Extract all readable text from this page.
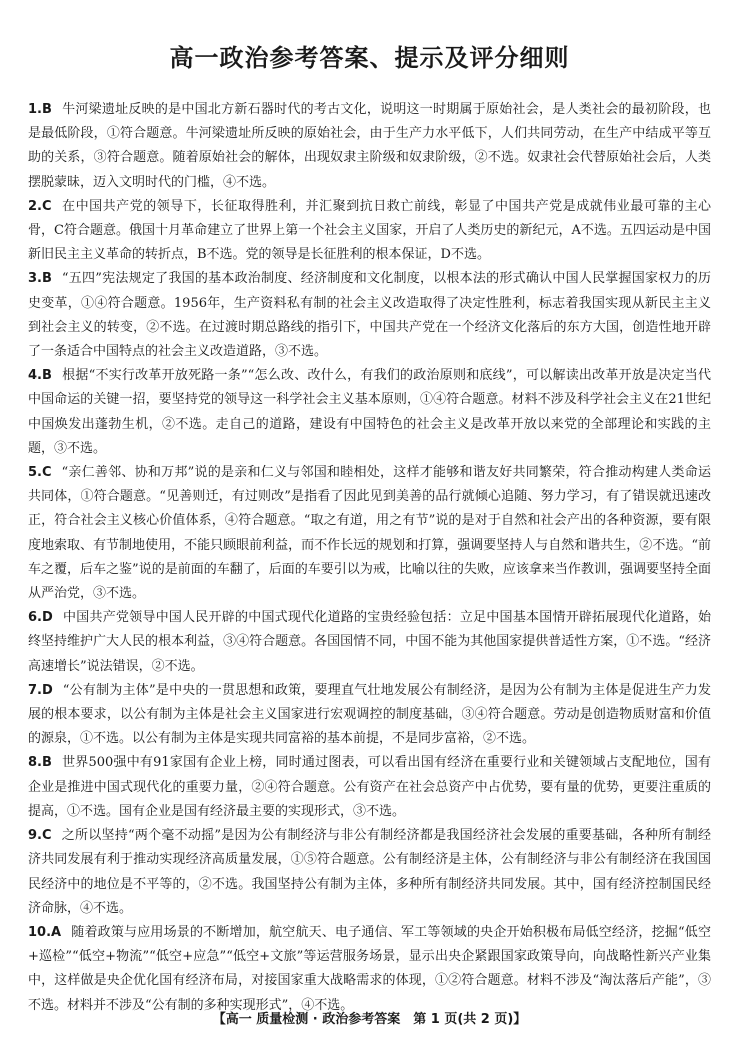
高一政治参考答案、提示及评分细则
1.B 牛河梁遗址反映的是中国北方新石器时代的考古文化，说明这一时期属于原始社会，是人类社会的最初阶段，也是最低阶段，①符合题意。牛河梁遗址所反映的原始社会，由于生产力水平低下，人们共同劳动，在生产中结成平等互助的关系，③符合题意。随着原始社会的解体，出现奴隶主阶级和奴隶阶级，②不选。奴隶社会代替原始社会后，人类摆脱蒙昧，迈入文明时代的门槛，④不选。
2.C 在中国共产党的领导下，长征取得胜利，并汇聚到抗日救亡前线，彰显了中国共产党是成就伟业最可靠的主心骨，C符合题意。俄国十月革命建立了世界上第一个社会主义国家，开启了人类历史的新纪元，A不选。五四运动是中国新旧民主主义革命的转折点，B不选。党的领导是长征胜利的根本保证，D不选。
3.B “五四”宪法规定了我国的基本政治制度、经济制度和文化制度，以根本法的形式确认中国人民掌握国家权力的历史变革，①④符合题意。1956年，生产资料私有制的社会主义改造取得了决定性胜利，标志着我国实现从新民主主义到社会主义的转变，②不选。在过渡时期总路线的指引下，中国共产党在一个经济文化落后的东方大国，创造性地开辟了一条适合中国特点的社会主义改造道路，③不选。
4.B 根据“不实行改革开放死路一条”“怎么改、改什么，有我们的政治原则和底线”，可以解读出改革开放是决定当代中国命运的关键一招，要坚持党的领导这一科学社会主义基本原则，①④符合题意。材料不涉及科学社会主义在21世纪中国焕发出蓬勃生机，②不选。走自己的道路，建设有中国特色的社会主义是改革开放以来党的全部理论和实践的主题，③不选。
5.C “亲仁善邻、协和万邦”说的是亲和仁义与邻国和睦相处，这样才能够和谐友好共同繁荣，符合推动构建人类命运共同体，①符合题意。“见善则迁，有过则改”是指看了因此见到美善的品行就倾心追随、努力学习，有了错误就迅速改正，符合社会主义核心价值体系，④符合题意。“取之有道，用之有节”说的是对于自然和社会产出的各种资源，要有限度地索取、有节制地使用，不能只顾眼前利益，而不作长远的规划和打算，强调要坚持人与自然和谐共生，②不选。“前车之覆，后车之鉴”说的是前面的车翻了，后面的车要引以为戒，比喻以往的失败，应该拿来当作教训，强调要坚持全面从严治党，③不选。
6.D 中国共产党领导中国人民开辟的中国式现代化道路的宝贵经验包括：立足中国基本国情开辟拓展现代化道路，始终坚持维护广大人民的根本利益，③④符合题意。各国国情不同，中国不能为其他国家提供普适性方案，①不选。“经济高速增长”说法错误，②不选。
7.D “公有制为主体”是中央的一贯思想和政策，要理直气壮地发展公有制经济，是因为公有制为主体是促进生产力发展的根本要求，以公有制为主体是社会主义国家进行宏观调控的制度基础，③④符合题意。劳动是创造物质财富和价值的源泉，①不选。以公有制为主体是实现共同富裕的基本前提，不是同步富裕，②不选。
8.B 世界500强中有91家国有企业上榜，同时通过图表，可以看出国有经济在重要行业和关键领域占支配地位，国有企业是推进中国式现代化的重要力量，②④符合题意。公有资产在社会总资产中占优势，要有量的优势，更要注重质的提高，①不选。国有企业是国有经济最主要的实现形式，③不选。
9.C 之所以坚持“两个毫不动摇”是因为公有制经济与非公有制经济都是我国经济社会发展的重要基础，各种所有制经济共同发展有利于推动实现经济高质量发展，①⑤符合题意。公有制经济是主体，公有制经济与非公有制经济在我国国民经济中的地位是不平等的，②不选。我国坚持公有制为主体，多种所有制经济共同发展。其中，国有经济控制国民经济命脉，④不选。
10.A 随着政策与应用场景的不断增加，航空航天、电子通信、军工等领域的央企开始积极布局低空经济，挖掘“低空+巡检”“低空+物流”“低空+应急”“低空+文旅”等运营服务场景，显示出央企紧跟国家政策导向，向战略性新兴产业集中，这样做是央企优化国有经济布局，对接国家重大战略需求的体现，①②符合题意。材料不涉及“淘汰落后产能”，③不选。材料并不涉及“公有制的多种实现形式”，④不选。
【高一 质量检测 · 政治参考答案　第 1 页(共 2 页)】
